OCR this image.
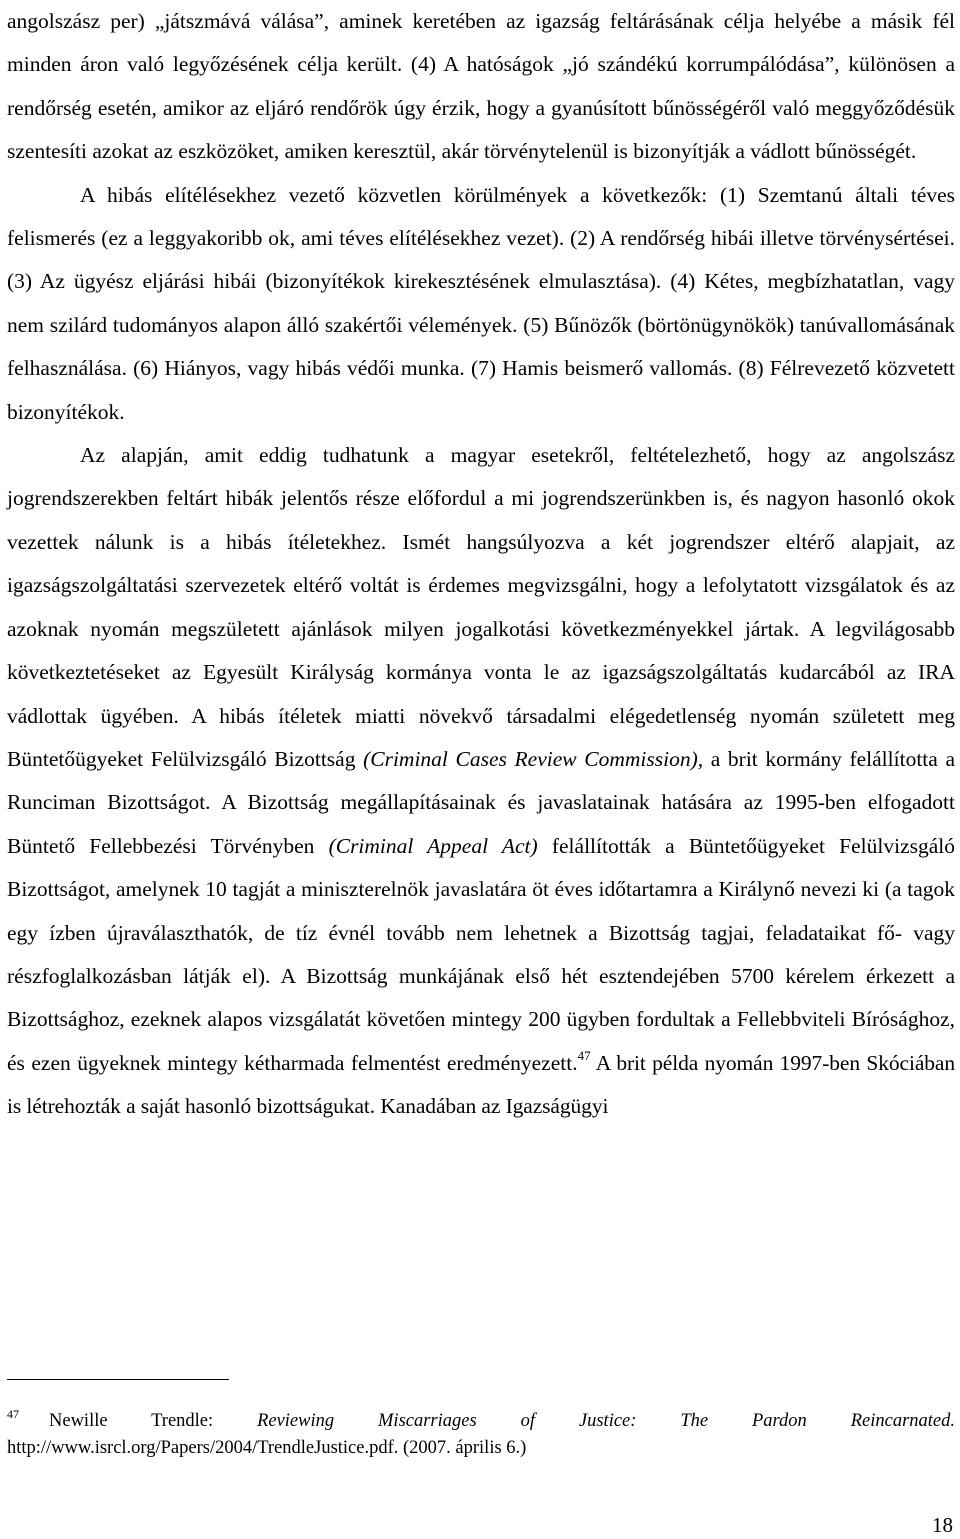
angolszász per) „játszmává válása”, aminek keretében az igazság feltárásának célja helyébe a másik fél minden áron való legyőzésének célja került. (4) A hatóságok „jó szándékú korrumpálódása”, különösen a rendőrség esetén, amikor az eljáró rendőrök úgy érzik, hogy a gyanúsított bűnösségéről való meggyőződésük szentesíti azokat az eszközöket, amiken keresztül, akár törvénytelenül is bizonyítják a vádlott bűnösségét.

A hibás elítélésekhez vezető közvetlen körülmények a következők: (1) Szemtanú általi téves felismerés (ez a leggyakoribb ok, ami téves elítélésekhez vezet). (2) A rendőrség hibái illetve törvénysértései. (3) Az ügyész eljárási hibái (bizonyítékok kirekesztésének elmulasztása). (4) Kétes, megbízhatatlan, vagy nem szilárd tudományos alapon álló szakértői vélemények. (5) Bűnözők (börtönügynökök) tanúvallomásának felhasználása. (6) Hiányos, vagy hibás védői munka. (7) Hamis beismerő vallomás. (8) Félrevezető közvetett bizonyítékok.

Az alapján, amit eddig tudhatunk a magyar esetekről, feltételezhető, hogy az angolszász jogrendszerekben feltárt hibák jelentős része előfordul a mi jogrendszerünkben is, és nagyon hasonló okok vezettek nálunk is a hibás ítéletekhez. Ismét hangsúlyozva a két jogrendszer eltérő alapjait, az igazságszolgáltatási szervezetek eltérő voltát is érdemes megvizsgálni, hogy a lefolytatott vizsgálatok és az azoknak nyomán megszületett ajánlások milyen jogalkotási következményekkel jártak. A legvilágosabb következtetéseket az Egyesült Királyság kormánya vonta le az igazságszolgáltatás kudarcából az IRA vádlottak ügyében. A hibás ítéletek miatti növekvő társadalmi elégedetlenség nyomán született meg Büntetőügyeket Felülvizsgáló Bizottság (Criminal Cases Review Commission), a brit kormány felállította a Runciman Bizottságot. A Bizottság megállapításainak és javaslatainak hatására az 1995-ben elfogadott Büntető Fellebbezési Törvényben (Criminal Appeal Act) felállították a Büntetőügyeket Felülvizsgáló Bizottságot, amelynek 10 tagját a miniszterelnök javaslatára öt éves időtartamra a Királynő nevezi ki (a tagok egy ízben újraválaszthatók, de tíz évnél tovább nem lehetnek a Bizottság tagjai, feladataikat fő- vagy részfoglalkozásban látják el). A Bizottság munkájának első hét esztendejében 5700 kérelem érkezett a Bizottsághoz, ezeknek alapos vizsgálatát követően mintegy 200 ügyben fordultak a Fellebbviteli Bírósághoz, és ezen ügyeknek mintegy kétharmada felmentést eredményezett.$^{47}$ A brit példa nyomán 1997-ben Skóciában is létrehozták a saját hasonló bizottságukat. Kanadában az Igazságügyi

$^{47}$ Newille Trendle: Reviewing Miscarriages of Justice: The Pardon Reincarnated. http://www.isrcl.org/Papers/2004/TrendleJustice.pdf. (2007. április 6.)
18
